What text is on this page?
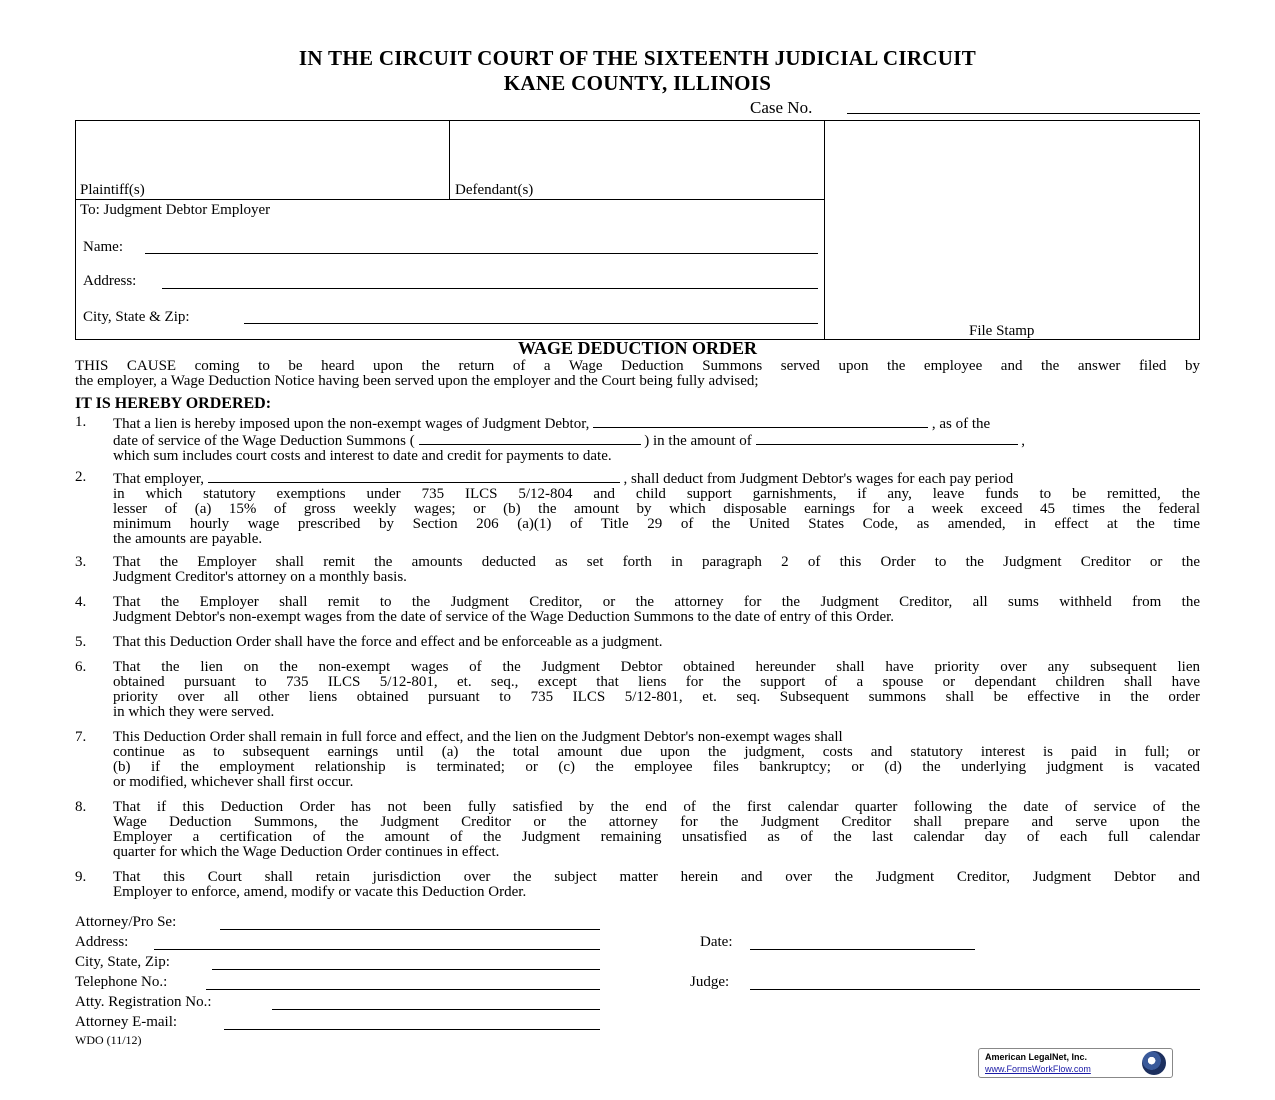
IN THE CIRCUIT COURT OF THE SIXTEENTH JUDICIAL CIRCUIT
KANE COUNTY, ILLINOIS
Case No.
Plaintiff(s)	Defendant(s)
To: Judgment Debtor Employer
Name:
Address:
City, State & Zip:
File Stamp
WAGE DEDUCTION ORDER
THIS CAUSE coming to be heard upon the return of a Wage Deduction Summons served upon the employee and the answer filed by
the employer, a Wage Deduction Notice having been served upon the employer and the Court being fully advised;
IT IS HEREBY ORDERED:
1. That a lien is hereby imposed upon the non-exempt wages of Judgment Debtor,	, as of the
date of service of the Wage Deduction Summons (	) in the amount of	,
which sum includes court costs and interest to date and credit for payments to date.
2. That employer,	, shall deduct from Judgment Debtor's wages for each pay period
in which statutory exemptions under 735 ILCS 5/12-804 and child support garnishments, if any, leave funds to be remitted, the
lesser of (a) 15% of gross weekly wages; or (b) the amount by which disposable earnings for a week exceed 45 times the federal
minimum hourly wage prescribed by Section 206 (a)(1) of Title 29 of the United States Code, as amended, in effect at the time
the amounts are payable.
3. That the Employer shall remit the amounts deducted as set forth in paragraph 2 of this Order to the Judgment Creditor or the
Judgment Creditor's attorney on a monthly basis.
4. That the Employer shall remit to the Judgment Creditor, or the attorney for the Judgment Creditor, all sums withheld from the
Judgment Debtor's non-exempt wages from the date of service of the Wage Deduction Summons to the date of entry of this Order.
5. That this Deduction Order shall have the force and effect and be enforceable as a judgment.
6. That the lien on the non-exempt wages of the Judgment Debtor obtained hereunder shall have priority over any subsequent lien
obtained pursuant to 735 ILCS 5/12-801, et. seq., except that liens for the support of a spouse or dependant children shall have
priority over all other liens obtained pursuant to 735 ILCS 5/12-801, et. seq. Subsequent summons shall be effective in the order
in which they were served.
7. This Deduction Order shall remain in full force and effect, and the lien on the Judgment Debtor's non-exempt wages shall
continue as to subsequent earnings until (a) the total amount due upon the judgment, costs and statutory interest is paid in full; or
(b) if the employment relationship is terminated; or (c) the employee files bankruptcy; or (d) the underlying judgment is vacated
or modified, whichever shall first occur.
8. That if this Deduction Order has not been fully satisfied by the end of the first calendar quarter following the date of service of the
Wage Deduction Summons, the Judgment Creditor or the attorney for the Judgment Creditor shall prepare and serve upon the
Employer a certification of the amount of the Judgment remaining unsatisfied as of the last calendar day of each full calendar
quarter for which the Wage Deduction Order continues in effect.
9. That this Court shall retain jurisdiction over the subject matter herein and over the Judgment Creditor, Judgment Debtor and
Employer to enforce, amend, modify or vacate this Deduction Order.
Attorney/Pro Se:
Address:
City, State, Zip:
Telephone No.:
Atty. Registration No.:
Attorney E-mail:
Date:
Judge:
WDO (11/12)
American LegalNet, Inc.
www.FormsWorkFlow.com
